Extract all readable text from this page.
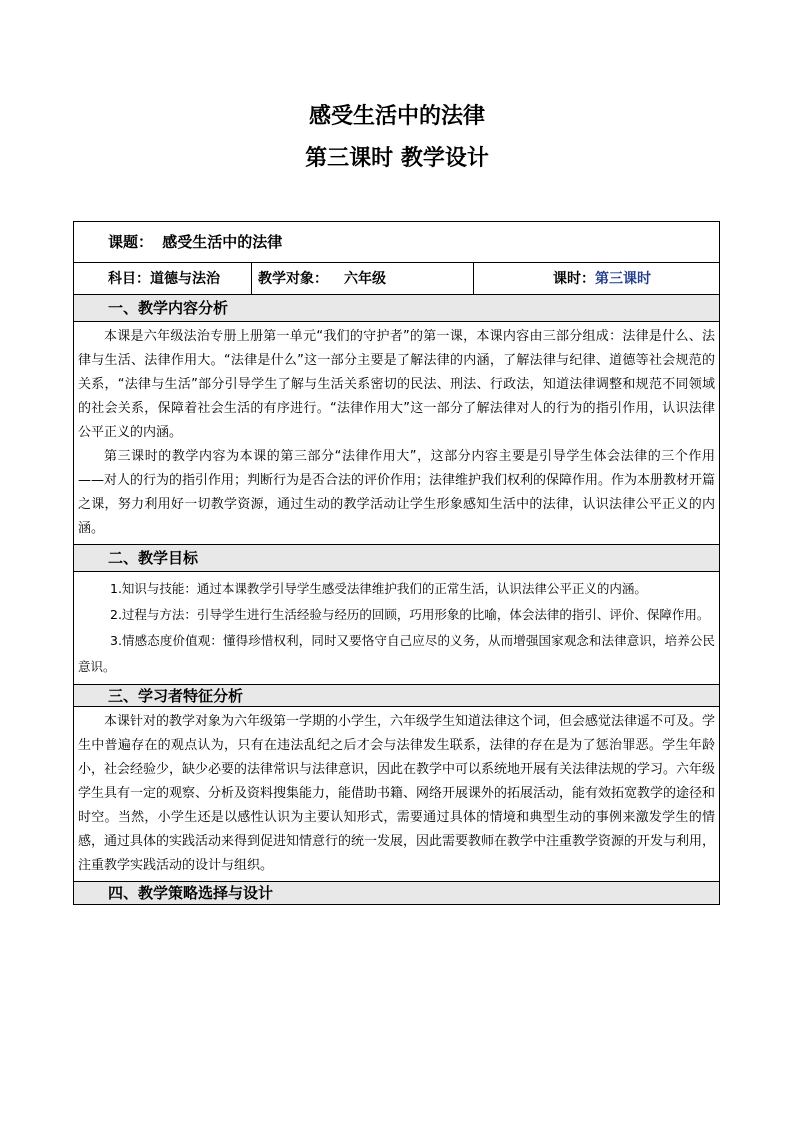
感受生活中的法律
第三课时 教学设计
课题： 感受生活中的法律
科目：道德与法治	教学对象： 六年级	课时：第三课时
一、教学内容分析

本课是六年级法治专册上册第一单元“我们的守护者”的第一课，本课内容由三部分组成：法律是什么、法律与生活、法律作用大。“法律是什么”这一部分主要是了解法律的内涵，了解法律与纪律、道德等社会规范的关系，“法律与生活”部分引导学生了解与生活关系密切的民法、刑法、行政法，知道法律调整和规范不同领域的社会关系，保障着社会生活的有序进行。“法律作用大”这一部分了解法律对人的行为的指引作用，认识法律公平正义的内涵。

第三课时的教学内容为本课的第三部分“法律作用大”，这部分内容主要是引导学生体会法律的三个作用——对人的行为的指引作用；判断行为是否合法的评价作用；法律维护我们权利的保障作用。作为本册教材开篇之课，努力利用好一切教学资源，通过生动的教学活动让学生形象感知生活中的法律，认识法律公平正义的内涵。

二、教学目标

1.知识与技能：通过本课教学引导学生感受法律维护我们的正常生活，认识法律公平正义的内涵。

2.过程与方法：引导学生进行生活经验与经历的回顾，巧用形象的比喻，体会法律的指引、评价、保障作用。

3.情感态度价值观：懂得珍惜权利，同时又要恪守自己应尽的义务，从而增强国家观念和法律意识，培养公民意识。

三、学习者特征分析

本课针对的教学对象为六年级第一学期的小学生，六年级学生知道法律这个词，但会感觉法律遥不可及。学生中普遍存在的观点认为，只有在违法乱纪之后才会与法律发生联系，法律的存在是为了惩治罪恶。学生年龄小，社会经验少，缺少必要的法律常识与法律意识，因此在教学中可以系统地开展有关法律法规的学习。六年级学生具有一定的观察、分析及资料搜集能力，能借助书籍、网络开展课外的拓展活动，能有效拓宽教学的途径和时空。当然，小学生还是以感性认识为主要认知形式，需要通过具体的情境和典型生动的事例来激发学生的情感，通过具体的实践活动来得到促进知情意行的统一发展，因此需要教师在教学中注重教学资源的开发与利用，注重教学实践活动的设计与组织。

四、教学策略选择与设计
